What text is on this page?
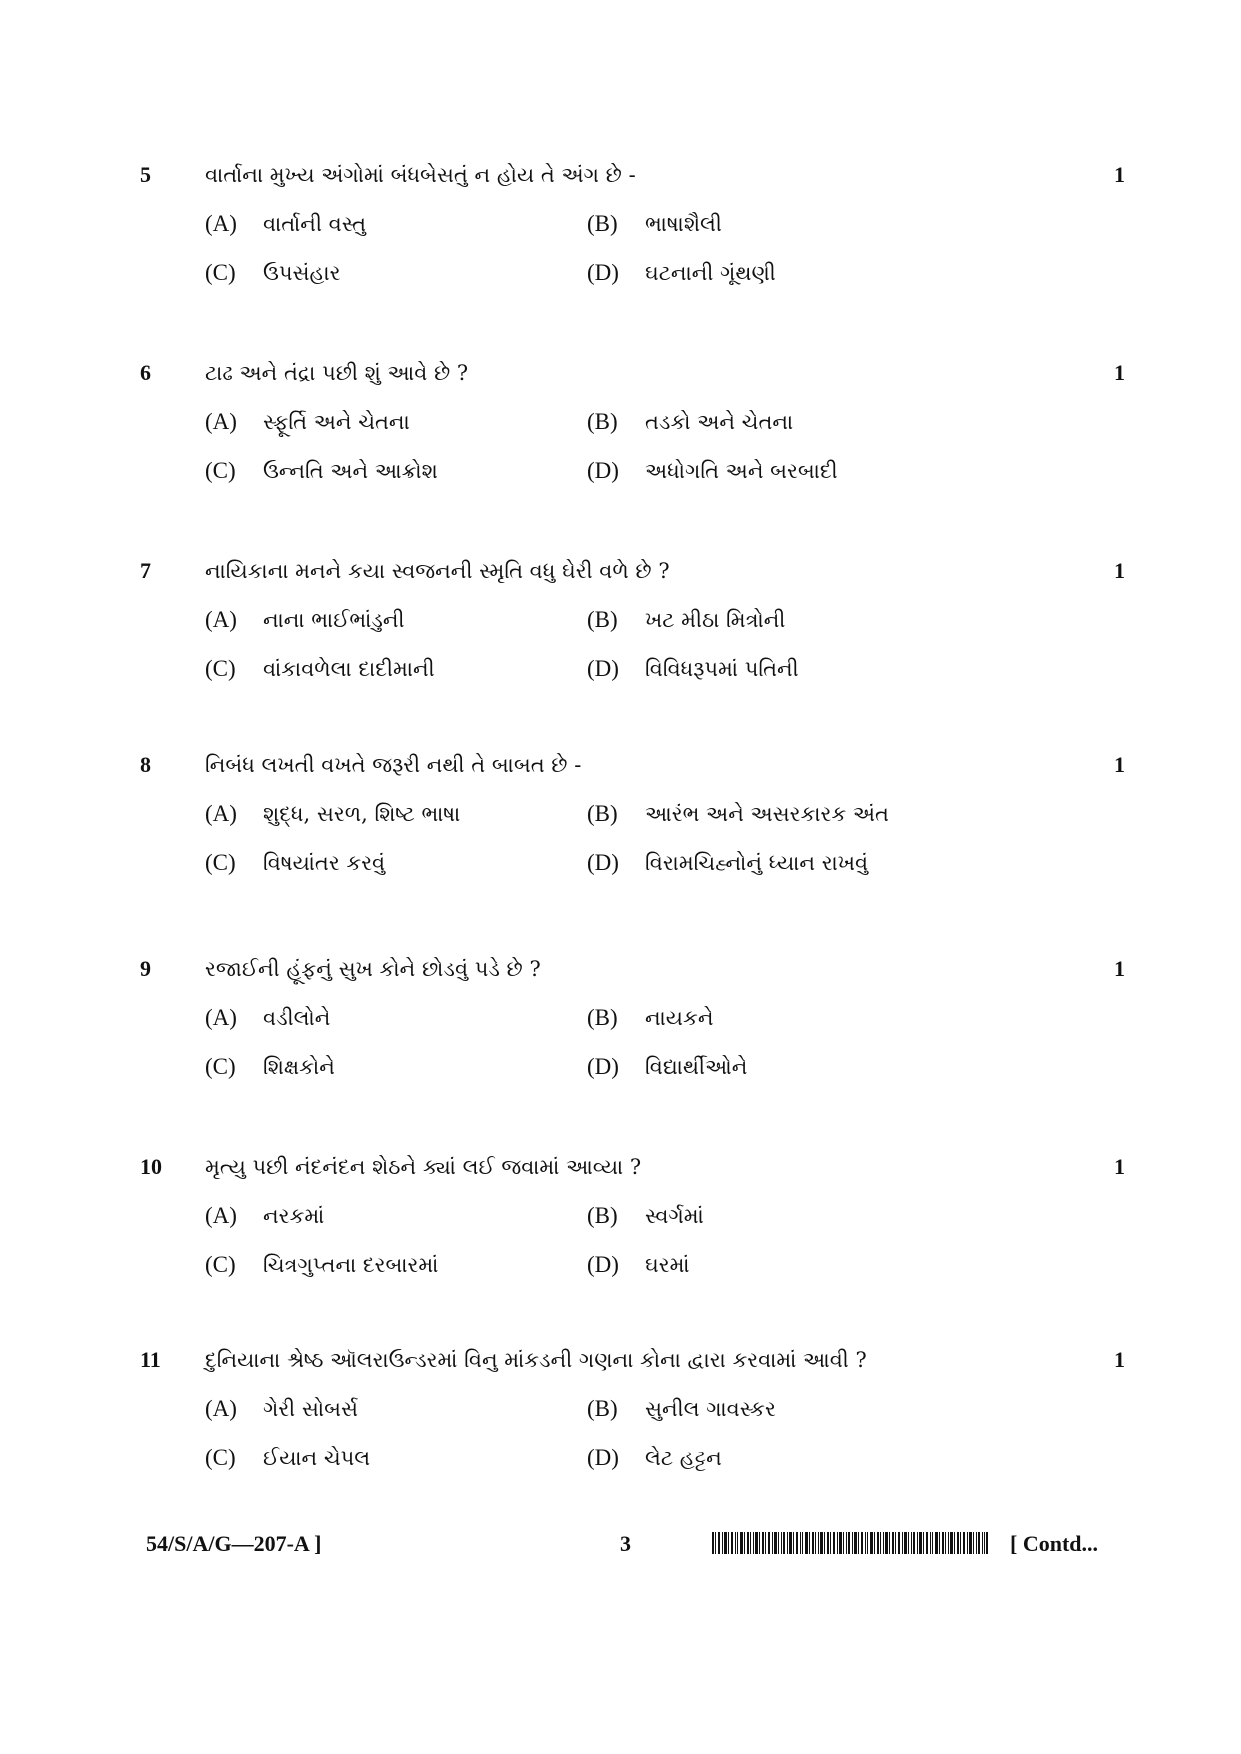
5	વાર્તાના મુખ્ય અંગોમાં બંધબેસતું ન હોય તે અંગ છે -	1
(A) વાર્તાની વસ્તુ	(B) ભાષાશૈલી
(C) ઉપસંહાર	(D) ઘટનાની ગૂંથણી
6	ટાઢ અને તંદ્રા પછી શું આવે છે ?	1
(A) સ્ફૂર્તિ અને ચેતના	(B) તડકો અને ચેતના
(C) ઉન્નતિ અને આક્રોશ	(D) અધોગતિ અને બરબાદી
7	નાયિકાના મનને કયા સ્વજનની સ્મૃતિ વધુ ઘેરી વળે છે ?	1
(A) નાના ભાઈભાંડુની	(B) ખટ મીઠા મિત્રોની
(C) વાંકાવળેલા દાદીમાની	(D) વિવિધરૂપમાં પતિની
8	નિબંધ લખતી વખતે જરૂરી નથી તે બાબત છે -	1
(A) શુદ્ધ, સરળ, શિષ્ટ ભાષા	(B) આરંભ અને અસરકારક અંત
(C) વિષયાંતર કરવું	(D) વિરામચિહ્નોનું ધ્યાન રાખવું
9	રજાઈની હૂંફનું સુખ કોને છોડવું પડે છે ?	1
(A) વડીલોને	(B) નાયકને
(C) શિક્ષકોને	(D) વિદ્યાર્થીઓને
10	મૃત્યુ પછી નંદનંદન શેઠને ક્યાં લઈ જવામાં આવ્યા ?	1
(A) નરકમાં	(B) સ્વર્ગમાં
(C) ચિત્રગુપ્તના દરબારમાં	(D) ઘરમાં
11	દુનિયાના શ્રેષ્ઠ ઑલરાઉન્ડરમાં વિનુ માંકડની ગણના કોના દ્વારા કરવામાં આવી ?	1
(A) ગેરી સોબર્સ	(B) સુનીલ ગાવસ્કર
(C) ઈયાન ચેપલ	(D) લેટ હટ્ટન
54/S/A/G—207-A ]	3	[ Contd...
